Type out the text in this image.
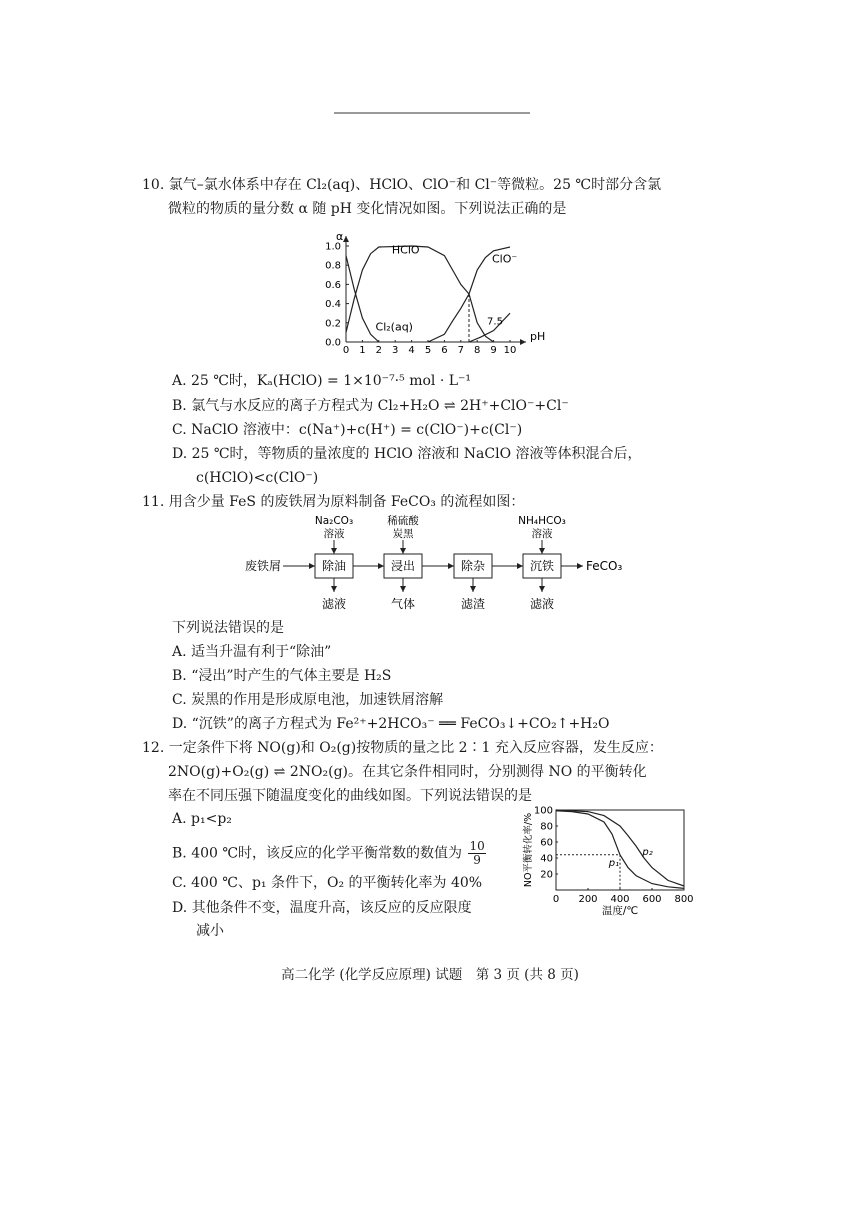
10. 氯气–氯水体系中存在 Cl₂(aq)、HClO、ClO⁻和 Cl⁻等微粒。25 ℃时部分含氯
微粒的物质的量分数 α 随 pH 变化情况如图。下列说法正确的是
0 1 2 3 4 5 6 7 8 9 10
0.0
0.2
0.4
0.6
0.8
1.0
α
pH
HClO
ClO⁻
Cl₂(aq)	7.5
A. 25 ℃时，Kₐ(HClO) = 1×10⁻⁷·⁵ mol · L⁻¹
B. 氯气与水反应的离子方程式为 Cl₂+H₂O ⇌ 2H⁺+ClO⁻+Cl⁻
C. NaClO 溶液中：c(Na⁺)+c(H⁺) = c(ClO⁻)+c(Cl⁻)
D. 25 ℃时，等物质的量浓度的 HClO 溶液和 NaClO 溶液等体积混合后，
c(HClO)<c(ClO⁻)
11. 用含少量 FeS 的废铁屑为原料制备 FeCO₃ 的流程如图：
废铁屑	除油
Na₂CO₃
溶液
滤液
浸出
稀硫酸
炭黑
气体
除杂
滤渣
沉铁
NH₄HCO₃
溶液
滤液
FeCO₃
下列说法错误的是
A. 适当升温有利于“除油”
B. “浸出”时产生的气体主要是 H₂S
C. 炭黑的作用是形成原电池，加速铁屑溶解
D. “沉铁”的离子方程式为 Fe²⁺+2HCO₃⁻ ══ FeCO₃↓+CO₂↑+H₂O
12. 一定条件下将 NO(g)和 O₂(g)按物质的量之比 2∶1 充入反应容器，发生反应：
2NO(g)+O₂(g) ⇌ 2NO₂(g)。在其它条件相同时，分别测得 NO 的平衡转化
率在不同压强下随温度变化的曲线如图。下列说法错误的是
A. p₁<p₂
B. 400 ℃时，该反应的化学平衡常数的数值为 $\frac{10}{9}$
C. 400 ℃、p₁ 条件下，O₂ 的平衡转化率为 40%
D. 其他条件不变，温度升高，该反应的反应限度
减小
0 200 400 600 800
20
40
60
80
100
温度/℃
NO平衡转化率/%	p₁
p₂
高二化学 (化学反应原理) 试题　第 3 页 (共 8 页)
